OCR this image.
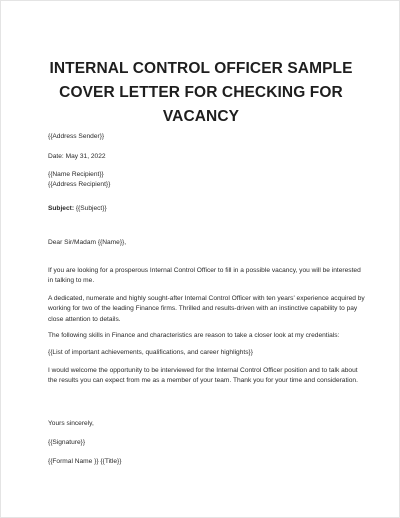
INTERNAL CONTROL OFFICER SAMPLE COVER LETTER FOR CHECKING FOR VACANCY
{{Address Sender}}
Date: May 31, 2022
{{Name Recipient}}
{{Address Recipient}}
Subject: {{Subject}}
Dear Sir/Madam {{Name}},
If you are looking for a prosperous Internal Control Officer to fill in a possible vacancy, you will be interested in talking to me.
A dedicated, numerate and highly sought-after Internal Control Officer with ten years' experience acquired by working for two of the leading Finance firms. Thrilled and results-driven with an instinctive capability to pay close attention to details.
The following skills in Finance and characteristics are reason to take a closer look at my credentials:
{{List of important achievements, qualifications, and career highlights}}
I would welcome the opportunity to be interviewed for the Internal Control Officer position and to talk about the results you can expect from me as a member of your team. Thank you for your time and consideration.
Yours sincerely,
{{Signature}}
{{Formal Name }} {{Title}}
